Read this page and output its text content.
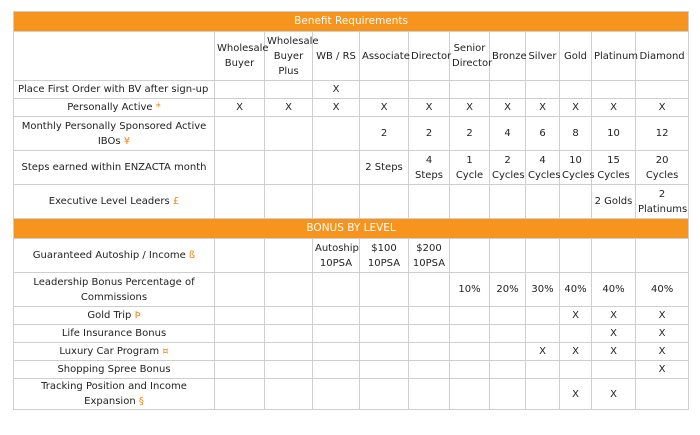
Benefit Requirements											
	Wholesale Buyer	Wholesale Buyer Plus	WB / RS	Associate	Director	Senior Director	Bronze	Silver	Gold	Platinum	Diamond
Place First Order with BV after sign-up			X								
Personally Active *	X	X	X	X	X	X	X	X	X	X	X
Monthly Personally Sponsored Active IBOs ¥				2	2	2	4	6	8	10	12
Steps earned within ENZACTA month				2 Steps	4 Steps	1 Cycle	2 Cycles	4 Cycles	10 Cycles	15 Cycles	20 Cycles
Executive Level Leaders £										2 Golds	2 Platinums
BONUS BY LEVEL											
Guaranteed Autoship / Income ß			Autoship 10PSA	$100 10PSA	$200 10PSA						
Leadership Bonus Percentage of Commissions						10%	20%	30%	40%	40%	40%
Gold Trip Þ									X	X	X
Life Insurance Bonus										X	X
Luxury Car Program ¤								X	X	X	X
Shopping Spree Bonus											X
Tracking Position and Income Expansion §									X	X	
